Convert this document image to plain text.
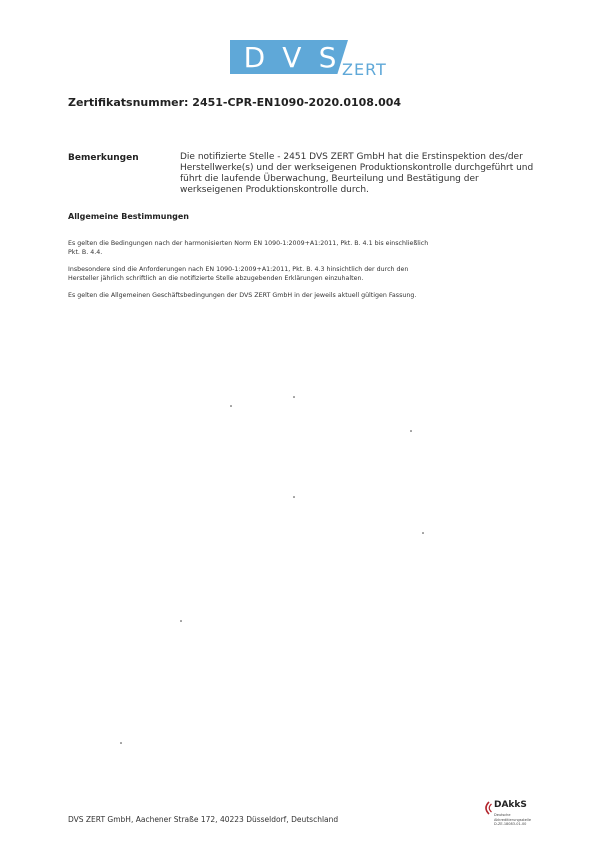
D V S ZERT
Zertifikatsnummer: 2451-CPR-EN1090-2020.0108.004
Bemerkungen	Die notifizierte Stelle - 2451 DVS ZERT GmbH hat die Erstinspektion des/der
Herstellwerke(s) und der werkseigenen Produktionskontrolle durchgeführt und
führt die laufende Überwachung, Beurteilung und Bestätigung der
werkseigenen Produktionskontrolle durch.
Allgemeine Bestimmungen
Es gelten die Bedingungen nach der harmonisierten Norm EN 1090-1:2009+A1:2011, Pkt. B. 4.1 bis einschließlich
Pkt. B. 4.4.
Insbesondere sind die Anforderungen nach EN 1090-1:2009+A1:2011, Pkt. B. 4.3 hinsichtlich der durch den
Hersteller jährlich schriftlich an die notifizierte Stelle abzugebenden Erklärungen einzuhalten.
Es gelten die Allgemeinen Geschäftsbedingungen der DVS ZERT GmbH in der jeweils aktuell gültigen Fassung.
DVS ZERT GmbH, Aachener Straße 172, 40223 Düsseldorf, Deutschland
DAkkS
Deutsche
Akkreditierungsstelle
D-ZE-18083-01-00
